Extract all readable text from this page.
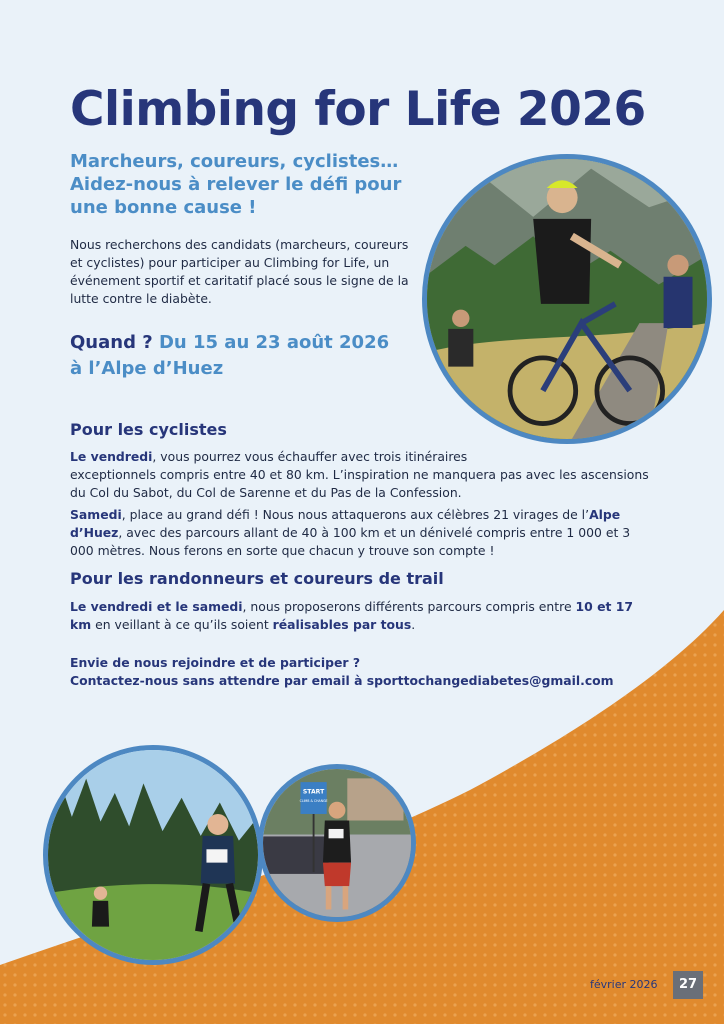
Climbing for Life 2026
Marcheurs, coureurs, cyclistes…
Aidez-nous à relever le défi pour une bonne cause !

Nous recherchons des candidats (marcheurs, coureurs et cyclistes) pour participer au Climbing for Life, un événement sportif et caritatif placé sous le signe de la lutte contre le diabète.

Quand ? Du 15 au 23 août 2026
à l’Alpe d’Huez
Pour les cyclistes

Le vendredi, vous pourrez vous échauffer avec trois itinéraires
exceptionnels compris entre 40 et 80 km. L’inspiration ne manquera pas avec les ascensions du Col du Sabot, du Col de Sarenne et du Pas de la Confession.

Samedi, place au grand défi ! Nous nous attaquerons aux célèbres 21 virages de l’Alpe d’Huez, avec des parcours allant de 40 à 100 km et un dénivelé compris entre 1 000 et 3 000 mètres. Nous ferons en sorte que chacun y trouve son compte !

Pour les randonneurs et coureurs de trail

Le vendredi et le samedi, nous proposerons différents parcours compris entre 10 et 17 km en veillant à ce qu’ils soient réalisables par tous.

Envie de nous rejoindre et de participer ?
Contactez-nous sans attendre par email à sporttochangediabetes@gmail.com
START
CLIMB & CHANGE
février 2026	27
